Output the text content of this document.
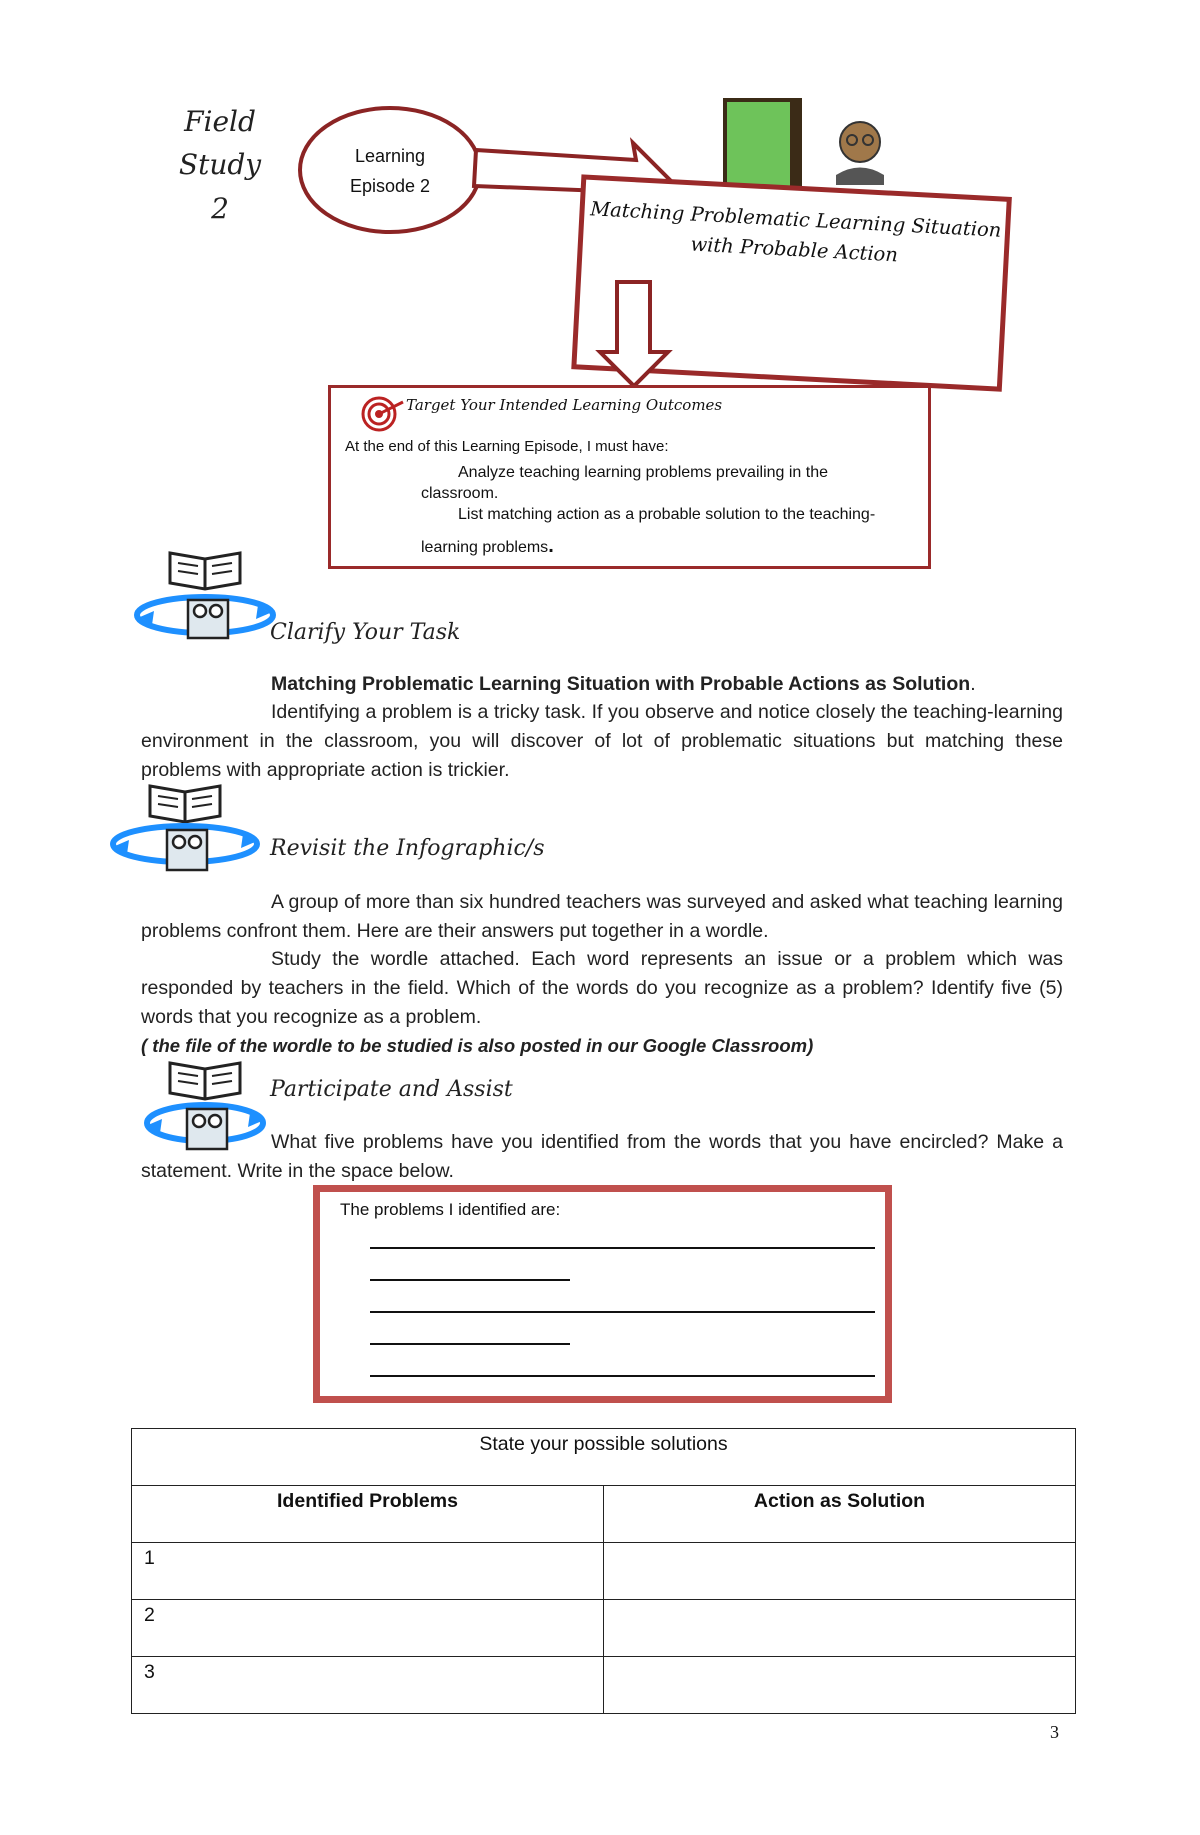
Field Study
2
Learning
Episode 2
Matching Problematic Learning Situation
with Probable Action
Target Your Intended Learning Outcomes
At the end of this Learning Episode, I must have:
Analyze teaching learning problems prevailing in the
classroom.
List matching action as a probable solution to the teaching-
learning problems.
Clarify Your Task
Matching Problematic Learning Situation with Probable Actions as Solution.
Identifying a problem is a tricky task. If you observe and notice closely the teaching-learning environment in the classroom, you will discover of lot of problematic situations but matching these problems with appropriate action is trickier.
Revisit the Infographic/s
A group of more than six hundred teachers was surveyed and asked what teaching learning problems confront them. Here are their answers put together in a wordle.
Study the wordle attached. Each word represents an issue or a problem which was responded by teachers in the field. Which of the words do you recognize as a problem? Identify five (5) words that you recognize as a problem.
( the file of the wordle to be studied is also posted in our Google Classroom)
Participate and Assist
What five problems have you identified from the words that you have encircled? Make a statement. Write in the space below.
The problems I identified are:
State your possible solutions	
Identified Problems	Action as Solution
1	
2	
3	
3
